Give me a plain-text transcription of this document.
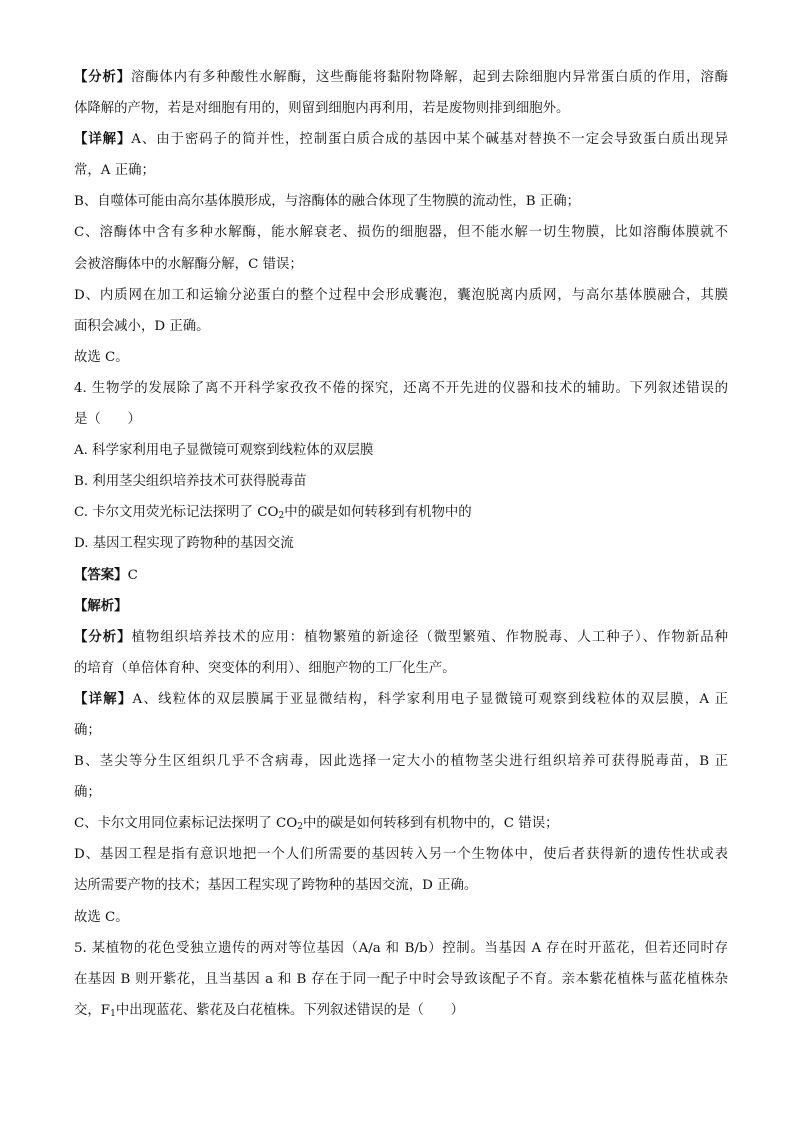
【分析】溶酶体内有多种酸性水解酶，这些酶能将黏附物降解，起到去除细胞内异常蛋白质的作用，溶酶
体降解的产物，若是对细胞有用的，则留到细胞内再利用，若是废物则排到细胞外。
【详解】A、由于密码子的简并性，控制蛋白质合成的基因中某个碱基对替换不一定会导致蛋白质出现异
常，A 正确；
B、自噬体可能由高尔基体膜形成，与溶酶体的融合体现了生物膜的流动性，B 正确；
C、溶酶体中含有多种水解酶，能水解衰老、损伤的细胞器，但不能水解一切生物膜，比如溶酶体膜就不
会被溶酶体中的水解酶分解，C 错误；
D、内质网在加工和运输分泌蛋白的整个过程中会形成囊泡，囊泡脱离内质网，与高尔基体膜融合，其膜
面积会减小，D 正确。
故选 C。
4. 生物学的发展除了离不开科学家孜孜不倦的探究，还离不开先进的仪器和技术的辅助。下列叙述错误的
是（　　）
A. 科学家利用电子显微镜可观察到线粒体的双层膜
B. 利用茎尖组织培养技术可获得脱毒苗
C. 卡尔文用荧光标记法探明了 $CO_2$中的碳是如何转移到有机物中的
D. 基因工程实现了跨物种的基因交流
【答案】C
【解析】
【分析】植物组织培养技术的应用：植物繁殖的新途径（微型繁殖、作物脱毒、人工种子）、作物新品种
的培育（单倍体育种、突变体的利用）、细胞产物的工厂化生产。
【详解】A、线粒体的双层膜属于亚显微结构，科学家利用电子显微镜可观察到线粒体的双层膜，A 正
确；
B、茎尖等分生区组织几乎不含病毒，因此选择一定大小的植物茎尖进行组织培养可获得脱毒苗，B 正
确；
C、卡尔文用同位素标记法探明了 $CO_2$中的碳是如何转移到有机物中的，C 错误；
D、基因工程是指有意识地把一个人们所需要的基因转入另一个生物体中，使后者获得新的遗传性状或表
达所需要产物的技术；基因工程实现了跨物种的基因交流，D 正确。
故选 C。
5. 某植物的花色受独立遗传的两对等位基因（A/a 和 B/b）控制。当基因 A 存在时开蓝花，但若还同时存
在基因 B 则开紫花，且当基因 a 和 B 存在于同一配子中时会导致该配子不育。亲本紫花植株与蓝花植株杂
交，$F_1$中出现蓝花、紫花及白花植株。下列叙述错误的是（　　）
